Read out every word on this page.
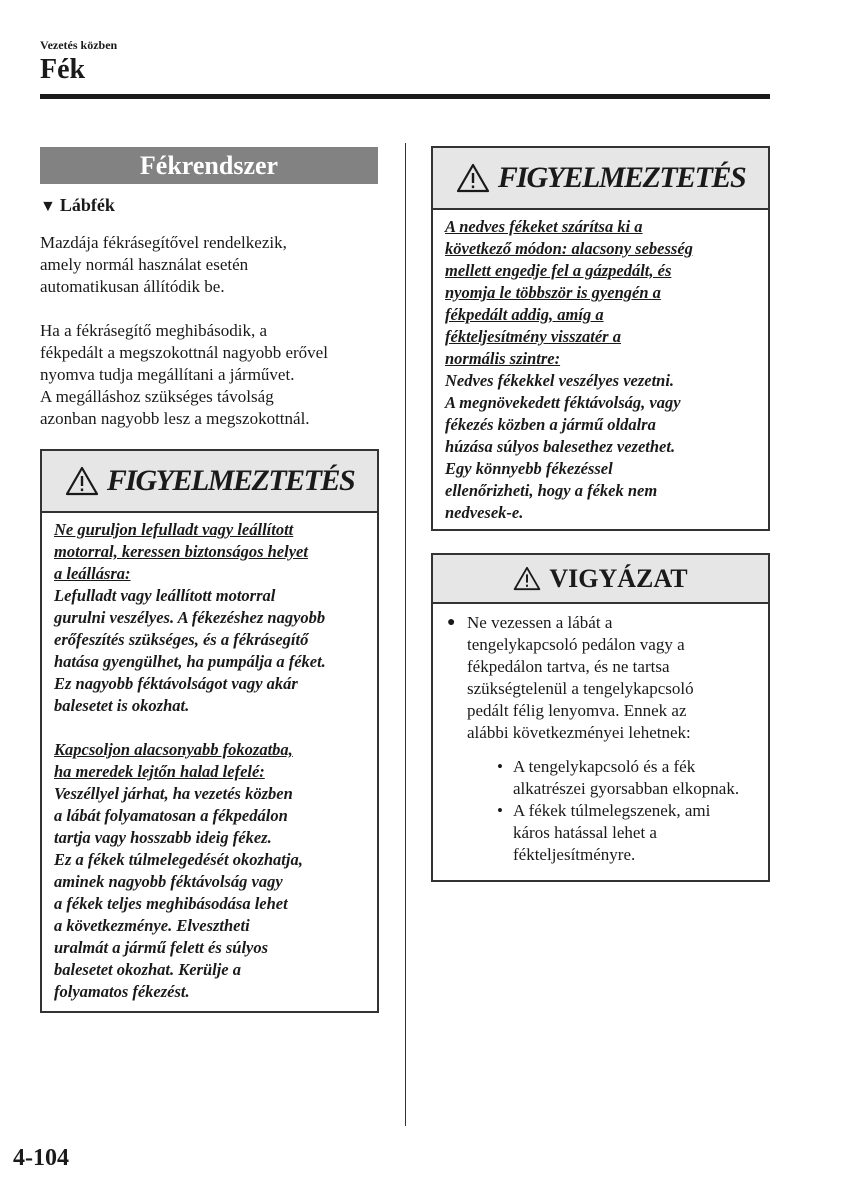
Vezetés közben
Fék
Fékrendszer
▼ Lábfék

Mazdája fékrásegítővel rendelkezik,

amely normál használat esetén

automatikusan állítódik be.

Ha a fékrásegítő meghibásodik, a

fékpedált a megszokottnál nagyobb erővel

nyomva tudja megállítani a járművet.

A megálláshoz szükséges távolság

azonban nagyobb lesz a megszokottnál.

FIGYELMEZTETÉS

Ne guruljon lefulladt vagy leállított

motorral, keressen biztonságos helyet

a leállásra:

Lefulladt vagy leállított motorral

gurulni veszélyes. A fékezéshez nagyobb

erőfeszítés szükséges, és a fékrásegítő

hatása gyengülhet, ha pumpálja a féket.

Ez nagyobb féktávolságot vagy akár

balesetet is okozhat.

Kapcsoljon alacsonyabb fokozatba,

ha meredek lejtőn halad lefelé:

Veszéllyel járhat, ha vezetés közben

a lábát folyamatosan a fékpedálon

tartja vagy hosszabb ideig fékez.

Ez a fékek túlmelegedését okozhatja,

aminek nagyobb féktávolság vagy

a fékek teljes meghibásodása lehet

a következménye. Elvesztheti

uralmát a jármű felett és súlyos

balesetet okozhat. Kerülje a

folyamatos fékezést.

FIGYELMEZTETÉS

A nedves fékeket szárítsa ki a

következő módon: alacsony sebesség

mellett engedje fel a gázpedált, és

nyomja le többször is gyengén a

fékpedált addig, amíg a

fékteljesítmény visszatér a

normális szintre:

Nedves fékekkel veszélyes vezetni.

A megnövekedett féktávolság, vagy

fékezés közben a jármű oldalra

húzása súlyos balesethez vezethet.

Egy könnyebb fékezéssel

ellenőrizheti, hogy a fékek nem

nedvesek-e.

VIGYÁZAT
● Ne vezessen a lábát a
tengelykapcsoló pedálon vagy a
fékpedálon tartva, és ne tartsa
szükségtelenül a tengelykapcsoló
pedált félig lenyomva. Ennek az
alábbi következményei lehetnek:
• A tengelykapcsoló és a fék
alkatrészei gyorsabban elkopnak.
• A fékek túlmelegszenek, ami
káros hatással lehet a
fékteljesítményre.
4-104
